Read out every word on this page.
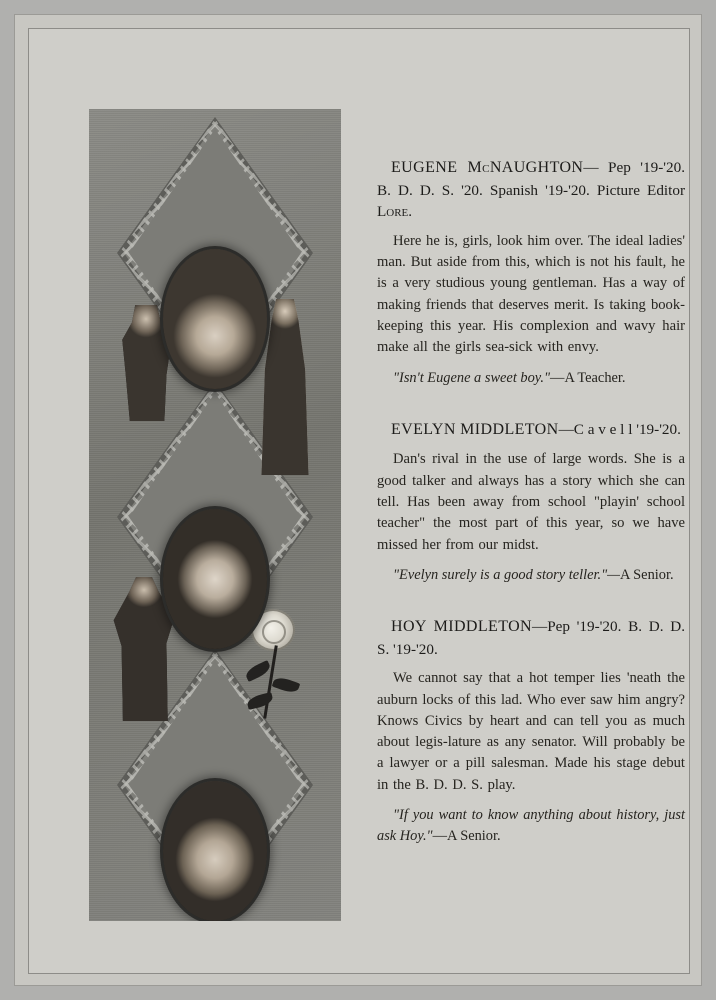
EUGENE McNAUGHTON— Pep '19-'20. B. D. D. S. '20. Spanish '19-'20. Picture Editor Lore.

Here he is, girls, look him over. The ideal ladies' man. But aside from this, which is not his fault, he is a very studious young gentleman. Has a way of making friends that deserves merit. Is taking book-keeping this year. His complexion and wavy hair make all the girls sea-sick with envy.

"Isn't Eugene a sweet boy."—A Teacher.

EVELYN MIDDLETON—C a v e l l '19-'20.

Dan's rival in the use of large words. She is a good talker and always has a story which she can tell. Has been away from school "playin' school teacher" the most part of this year, so we have missed her from our midst.

"Evelyn surely is a good story teller."—A Senior.

HOY MIDDLETON—Pep '19-'20. B. D. D. S. '19-'20.

We cannot say that a hot temper lies 'neath the auburn locks of this lad. Who ever saw him angry? Knows Civics by heart and can tell you as much about legis-lature as any senator. Will probably be a lawyer or a pill salesman. Made his stage debut in the B. D. D. S. play.

"If you want to know anything about history, just ask Hoy."—A Senior.
